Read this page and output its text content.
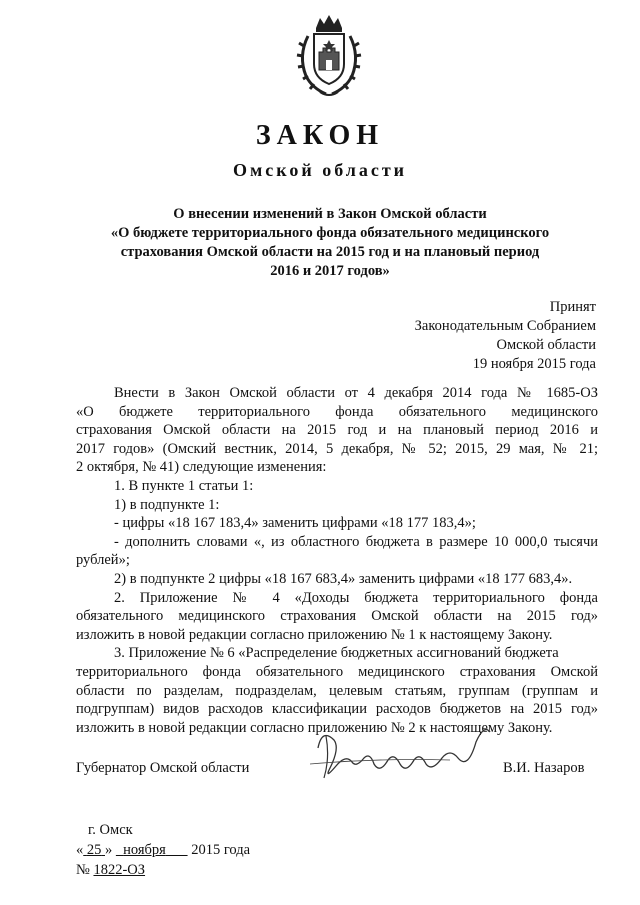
ЗАКОН
Омской области
О внесении изменений в Закон Омской области
«О бюджете территориального фонда обязательного медицинского
страхования Омской области на 2015 год и на плановый период
2016 и 2017 годов»
Принят
Законодательным Собранием
Омской области
19 ноября 2015 года
Внести в Закон Омской области от 4 декабря 2014 года № 1685-ОЗ
«О бюджете территориального фонда обязательного медицинского
страхования Омской области на 2015 год и на плановый период 2016 и
2017 годов» (Омский вестник, 2014, 5 декабря, № 52; 2015, 29 мая, № 21;
2 октября, № 41) следующие изменения:
1. В пункте 1 статьи 1:
1) в подпункте 1:
- цифры «18 167 183,4» заменить цифрами «18 177 183,4»;
- дополнить словами «, из областного бюджета в размере 10 000,0 тысячи
рублей»;
2) в подпункте 2 цифры «18 167 683,4» заменить цифрами «18 177 683,4».
2. Приложение № 4 «Доходы бюджета территориального фонда
обязательного медицинского страхования Омской области на 2015 год»
изложить в новой редакции согласно приложению № 1 к настоящему Закону.
3. Приложение № 6 «Распределение бюджетных ассигнований бюджета
территориального фонда обязательного медицинского страхования Омской
области по разделам, подразделам, целевым статьям, группам (группам и
подгруппам) видов расходов классификации расходов бюджетов на 2015 год»
изложить в новой редакции согласно приложению № 2 к настоящему Закону.
Губернатор Омской области	В.И. Назаров
г. Омск
« 25 » ноября 2015 года
№ 1822-ОЗ
